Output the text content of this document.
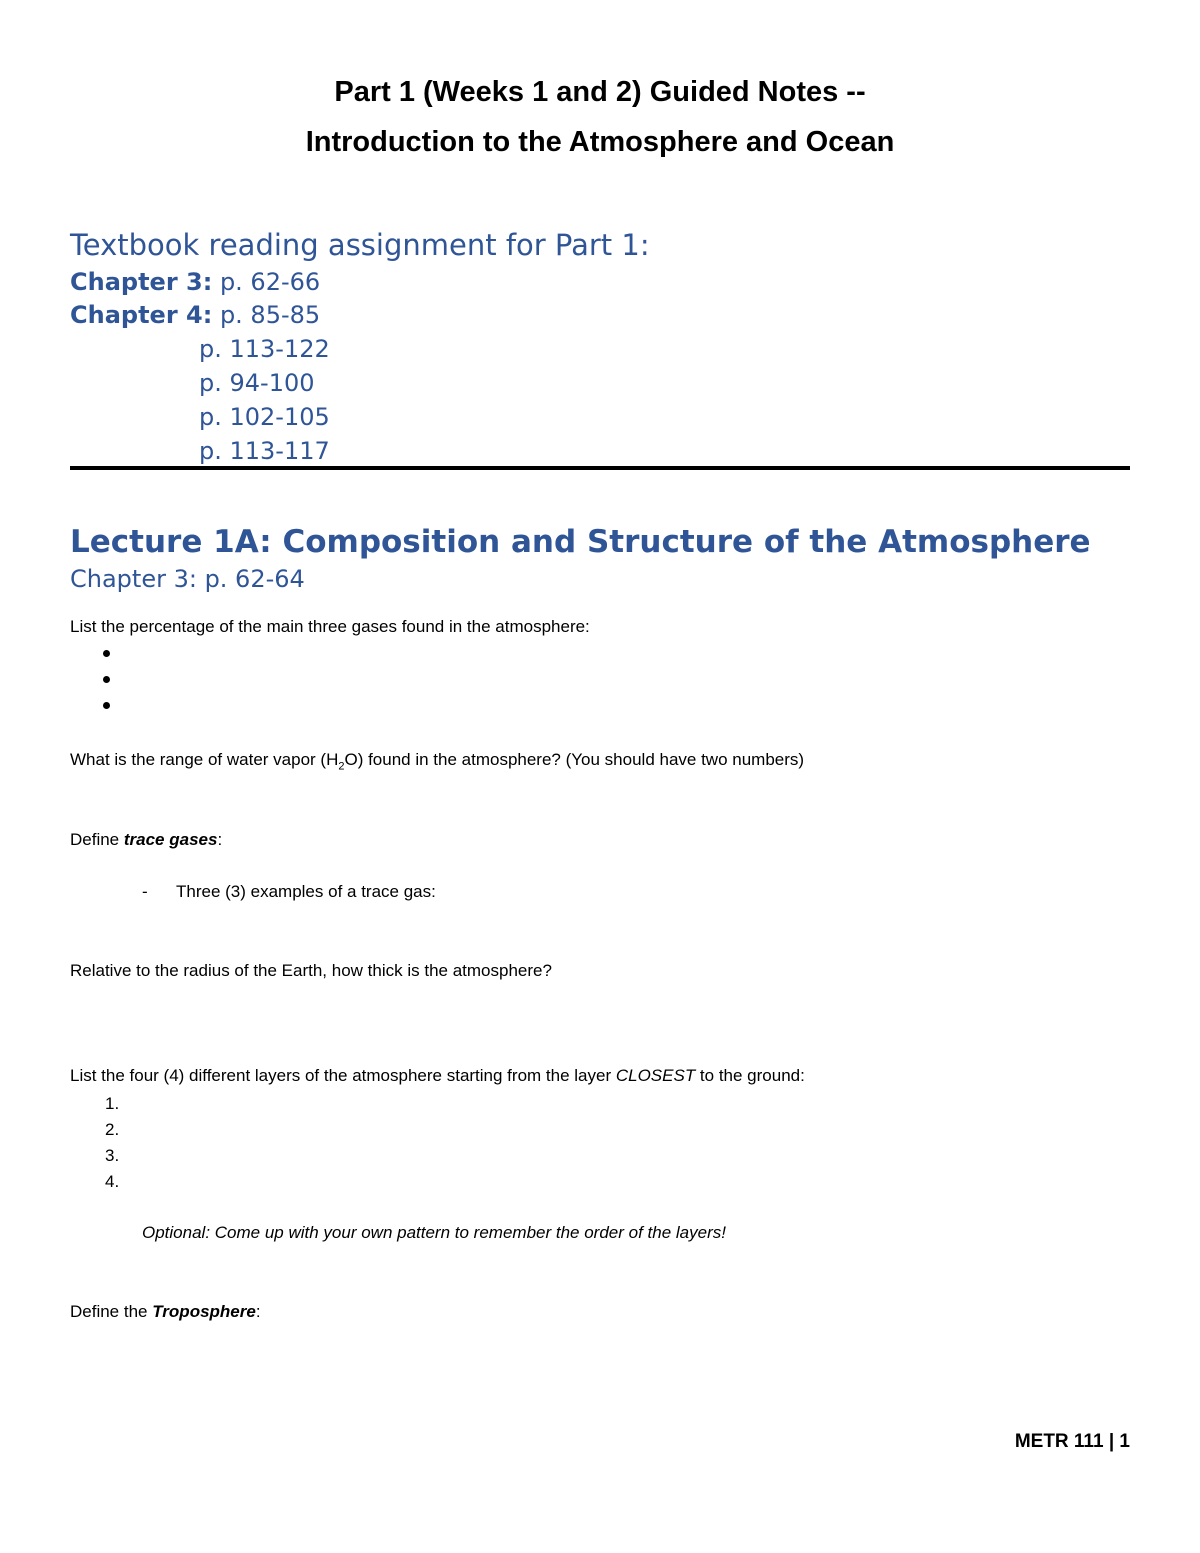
Part 1 (Weeks 1 and 2) Guided Notes --
Introduction to the Atmosphere and Ocean
Textbook reading assignment for Part 1:
Chapter 3: p. 62-66
Chapter 4: p. 85-85
p. 113-122
p. 94-100
p. 102-105
p. 113-117
Lecture 1A: Composition and Structure of the Atmosphere
Chapter 3: p. 62-64
List the percentage of the main three gases found in the atmosphere:
What is the range of water vapor $(H_2O)$ found in the atmosphere? (You should have two numbers)
Define trace gases:
- Three (3) examples of a trace gas:
Relative to the radius of the Earth, how thick is the atmosphere?
List the four (4) different layers of the atmosphere starting from the layer CLOSEST to the ground:
1.
2.
3.
4.
Optional: Come up with your own pattern to remember the order of the layers!
Define the Troposphere:
METR 111 | 1
